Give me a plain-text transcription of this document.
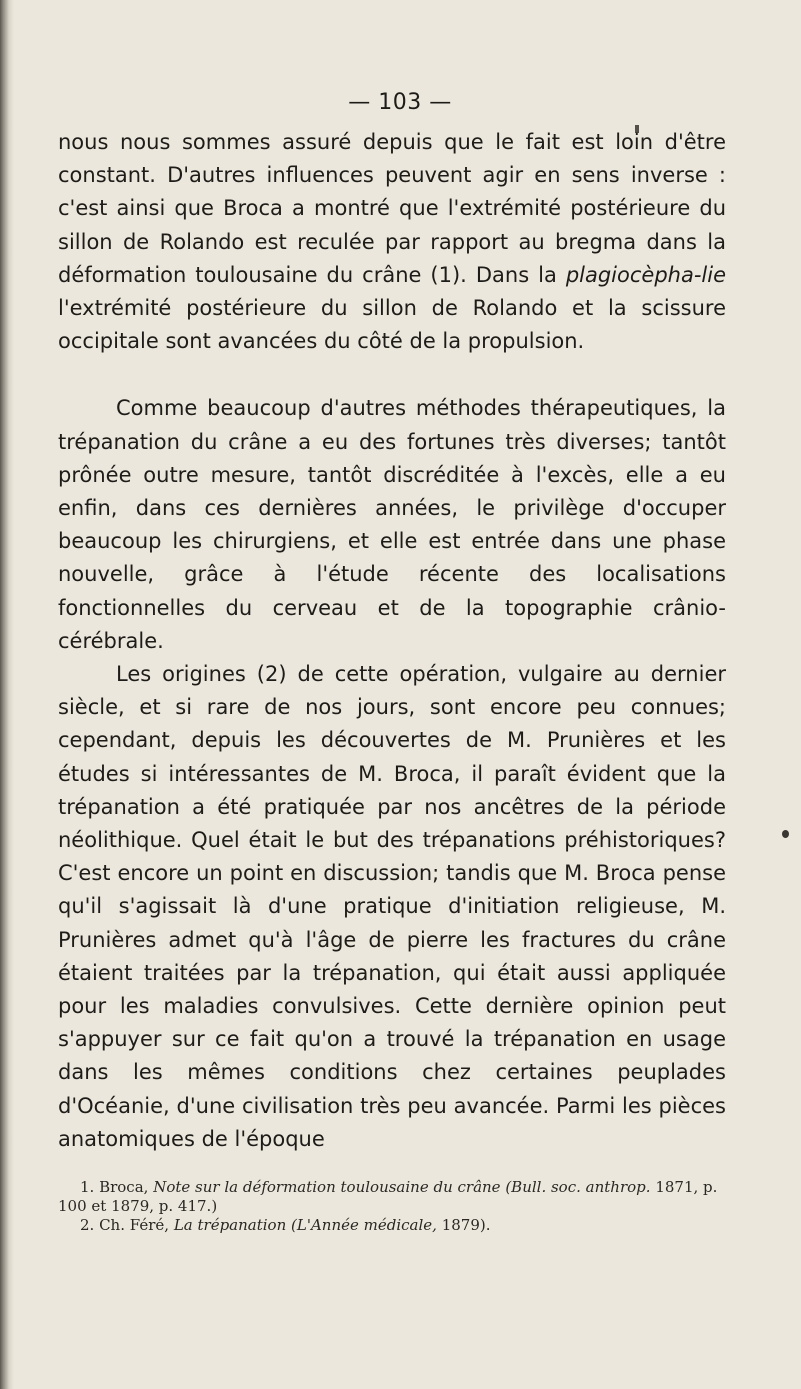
— 103 —

nous nous sommes assuré depuis que le fait est loin d'être constant. D'autres influences peuvent agir en sens inverse : c'est ainsi que Broca a montré que l'extrémité postérieure du sillon de Rolando est reculée par rapport au bregma dans la déformation toulousaine du crâne (1). Dans la plagiocèpha-lie l'extrémité postérieure du sillon de Rolando et la scissure occipitale sont avancées du côté de la propulsion.

Comme beaucoup d'autres méthodes thérapeutiques, la trépanation du crâne a eu des fortunes très diverses; tantôt prônée outre mesure, tantôt discréditée à l'excès, elle a eu enfin, dans ces dernières années, le privilège d'occuper beaucoup les chirurgiens, et elle est entrée dans une phase nouvelle, grâce à l'étude récente des localisations fonctionnelles du cerveau et de la topographie crânio-cérébrale.

Les origines (2) de cette opération, vulgaire au dernier siècle, et si rare de nos jours, sont encore peu connues; cependant, depuis les découvertes de M. Prunières et les études si intéressantes de M. Broca, il paraît évident que la trépanation a été pratiquée par nos ancêtres de la période néolithique. Quel était le but des trépanations préhistoriques? C'est encore un point en discussion; tandis que M. Broca pense qu'il s'agissait là d'une pratique d'initiation religieuse, M. Prunières admet qu'à l'âge de pierre les fractures du crâne étaient traitées par la trépanation, qui était aussi appliquée pour les maladies convulsives. Cette dernière opinion peut s'appuyer sur ce fait qu'on a trouvé la trépanation en usage dans les mêmes conditions chez certaines peuplades d'Océanie, d'une civilisation très peu avancée. Parmi les pièces anatomiques de l'époque

1. Broca, Note sur la déformation toulousaine du crâne (Bull. soc. anthrop. 1871, p. 100 et 1879, p. 417.)

2. Ch. Féré, La trépanation (L'Année médicale, 1879).
